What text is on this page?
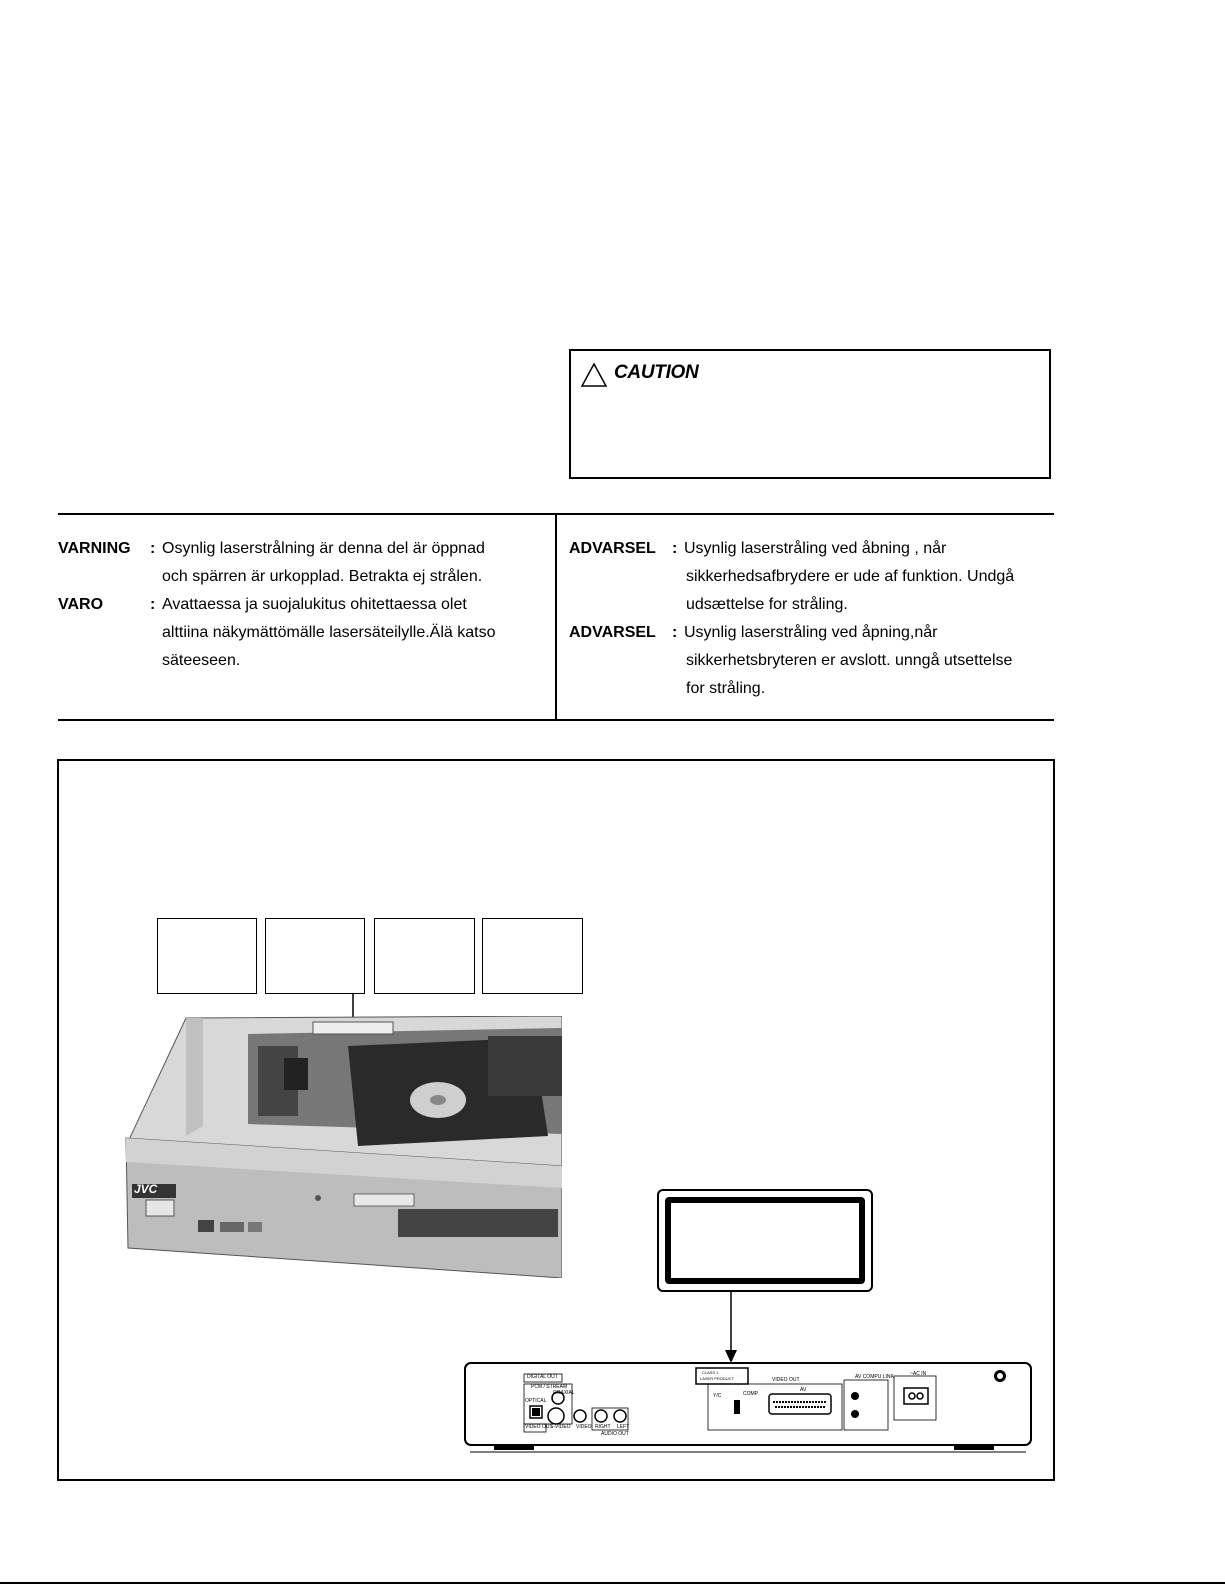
CAUTION
VARNING : Osynlig laserstrålning är denna del är öppnad
och spärren är urkopplad. Betrakta ej strålen.
VARO	: Avattaessa ja suojalukitus ohitettaessa olet
alttiina näkymättömälle lasersäteilylle.Älä katso
säteeseen.
ADVARSEL : Usynlig laserstråling ved åbning , når
sikkerhedsafbrydere er ude af funktion. Undgå
udsættelse for stråling.
ADVARSEL : Usynlig laserstråling ved åpning,når
sikkerhetsbryteren er avslott. unngå utsettelse
for stråling.
JVC
DIGITAL OUT
PCM / STREAM
COAXIAL
OPTICAL
VIDEO OUT
S-VIDEO VIDEO RIGHT LEFT
AUDIO OUT
CLASS 1
LASER PRODUCT	VIDEO OUT
Y/C	COMP.
AV
AV COMPU LINK	~AC IN
